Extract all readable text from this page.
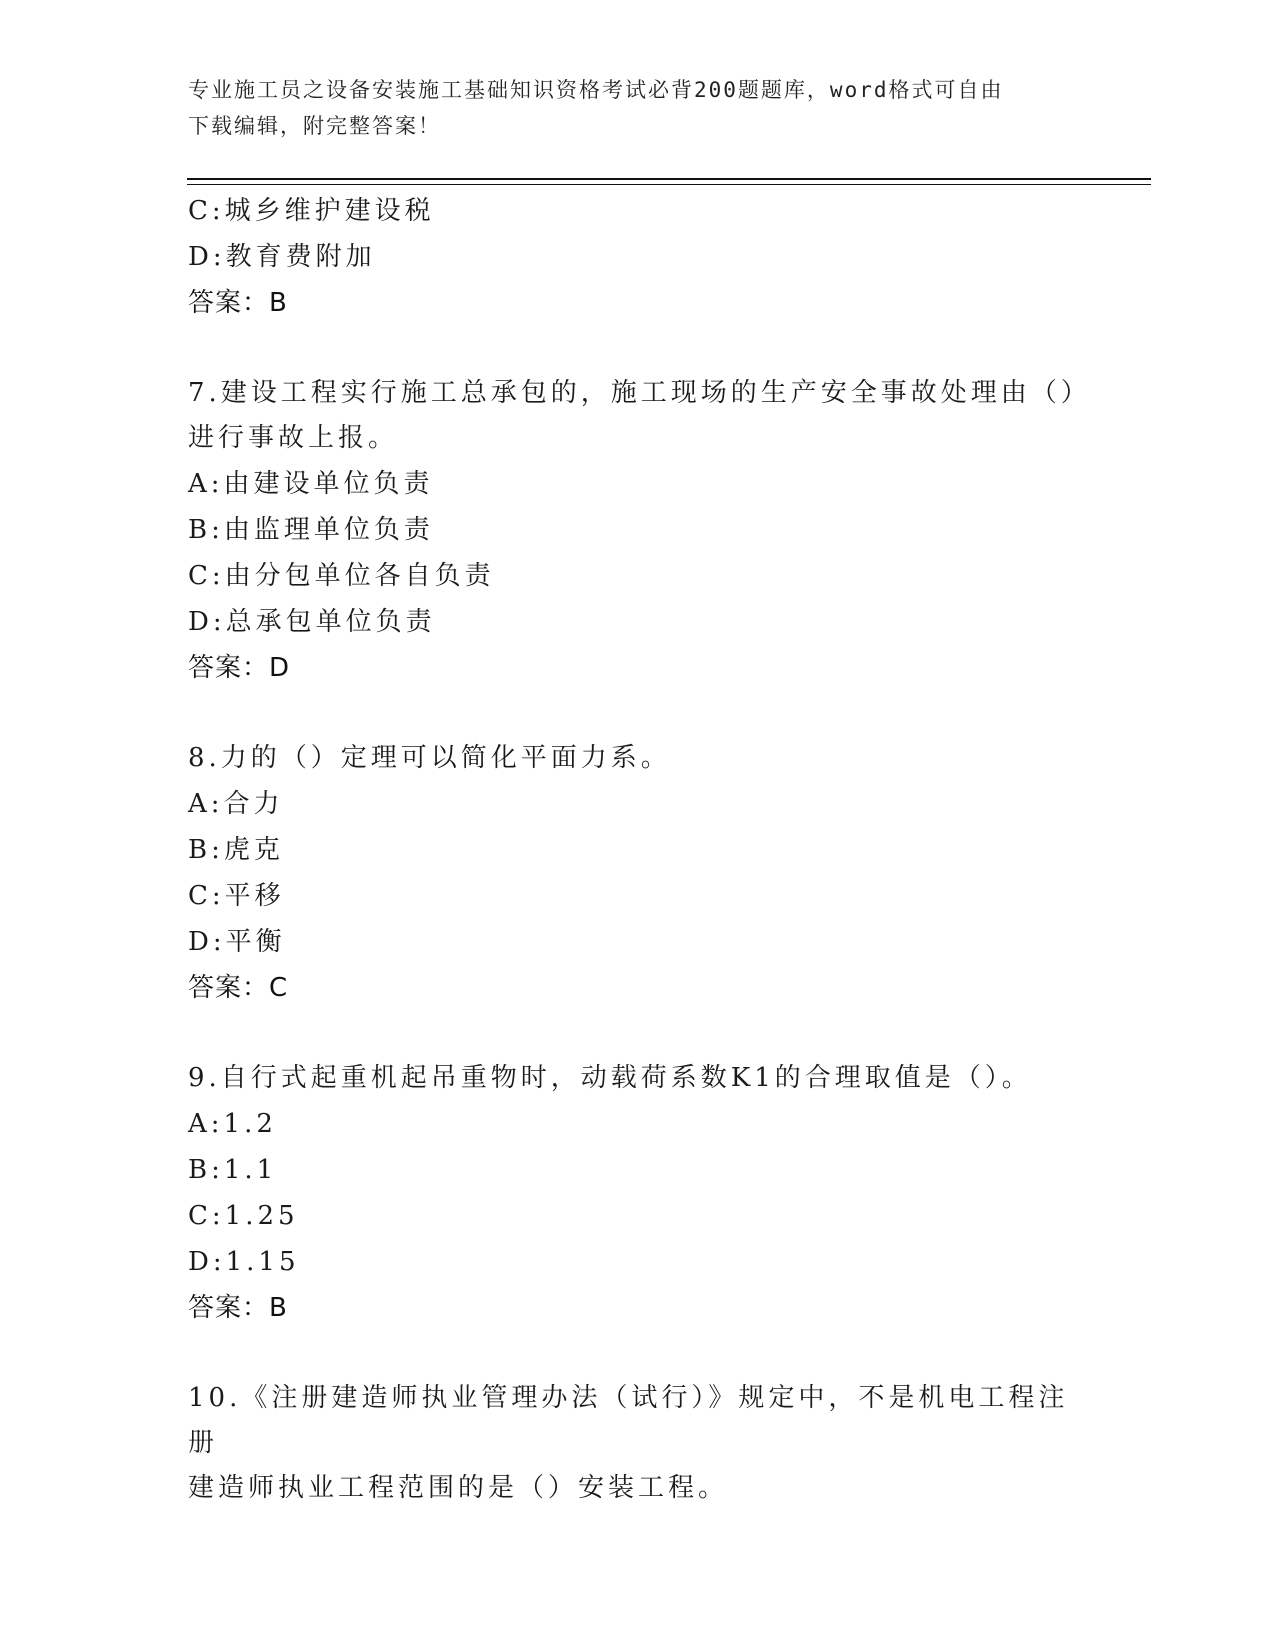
专业施工员之设备安装施工基础知识资格考试必背200题题库，word格式可自由
下载编辑，附完整答案！
C:城乡维护建设税
D:教育费附加
答案：B
7.建设工程实行施工总承包的，施工现场的生产安全事故处理由（）
进行事故上报。
A:由建设单位负责
B:由监理单位负责
C:由分包单位各自负责
D:总承包单位负责
答案：D
8.力的（）定理可以简化平面力系。
A:合力
B:虎克
C:平移
D:平衡
答案：C
9.自行式起重机起吊重物时，动载荷系数K1的合理取值是（）。
A:1.2
B:1.1
C:1.25
D:1.15
答案：B
10.《注册建造师执业管理办法（试行）》规定中，不是机电工程注册
建造师执业工程范围的是（）安装工程。
